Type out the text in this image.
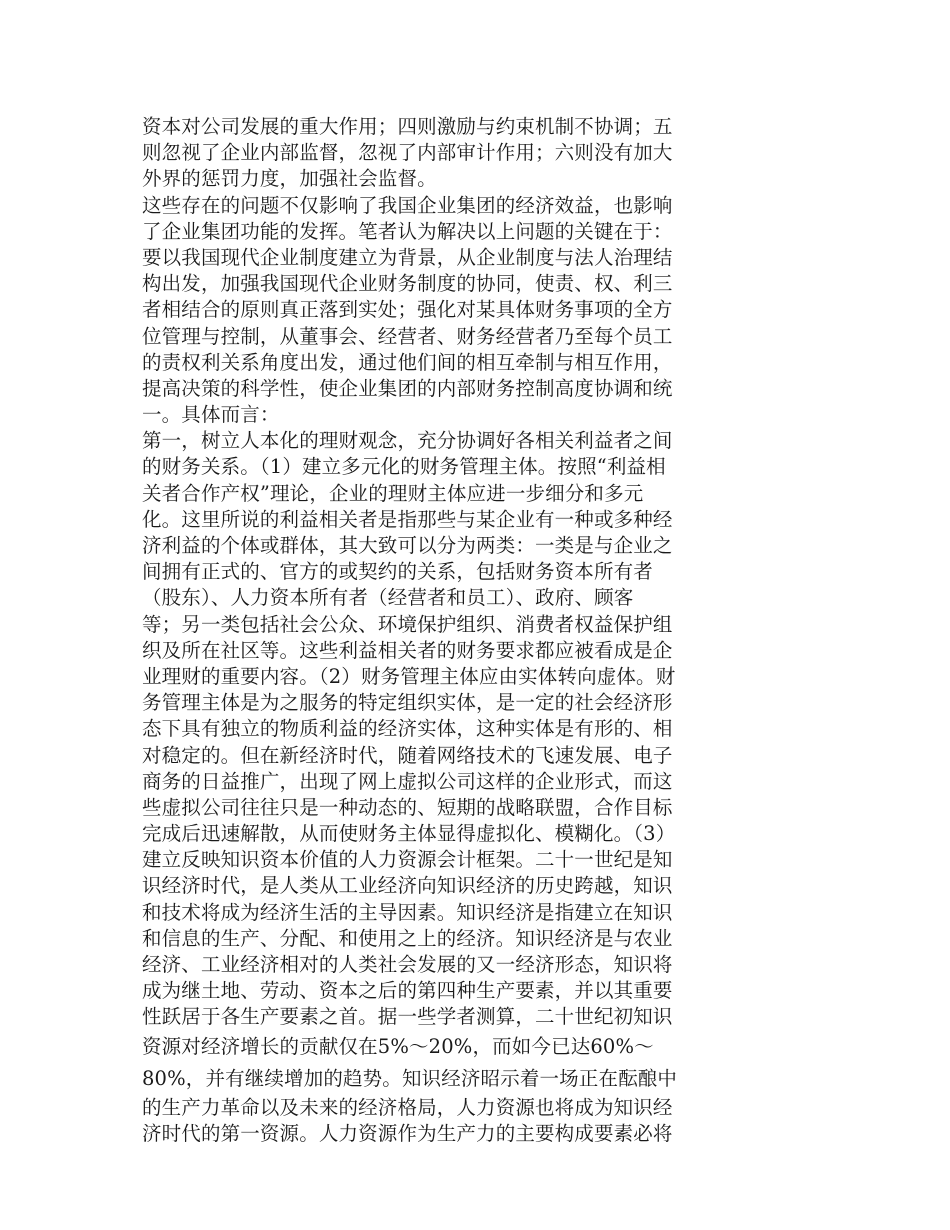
资本对公司发展的重大作用；四则激励与约束机制不协调；五
则忽视了企业内部监督，忽视了内部审计作用；六则没有加大
外界的惩罚力度，加强社会监督。
这些存在的问题不仅影响了我国企业集团的经济效益，也影响
了企业集团功能的发挥。笔者认为解决以上问题的关键在于：
要以我国现代企业制度建立为背景，从企业制度与法人治理结
构出发，加强我国现代企业财务制度的协同，使责、权、利三
者相结合的原则真正落到实处；强化对某具体财务事项的全方
位管理与控制，从董事会、经营者、财务经营者乃至每个员工
的责权利关系角度出发，通过他们间的相互牵制与相互作用，
提高决策的科学性，使企业集团的内部财务控制高度协调和统
一。具体而言：
第一，树立人本化的理财观念，充分协调好各相关利益者之间
的财务关系。（1）建立多元化的财务管理主体。按照“利益相
关者合作产权”理论，企业的理财主体应进一步细分和多元
化。这里所说的利益相关者是指那些与某企业有一种或多种经
济利益的个体或群体，其大致可以分为两类：一类是与企业之
间拥有正式的、官方的或契约的关系，包括财务资本所有者
（股东）、人力资本所有者（经营者和员工）、政府、顾客
等；另一类包括社会公众、环境保护组织、消费者权益保护组
织及所在社区等。这些利益相关者的财务要求都应被看成是企
业理财的重要内容。（2）财务管理主体应由实体转向虚体。财
务管理主体是为之服务的特定组织实体，是一定的社会经济形
态下具有独立的物质利益的经济实体，这种实体是有形的、相
对稳定的。但在新经济时代，随着网络技术的飞速发展、电子
商务的日益推广，出现了网上虚拟公司这样的企业形式，而这
些虚拟公司往往只是一种动态的、短期的战略联盟，合作目标
完成后迅速解散，从而使财务主体显得虚拟化、模糊化。（3）
建立反映知识资本价值的人力资源会计框架。二十一世纪是知
识经济时代，是人类从工业经济向知识经济的历史跨越，知识
和技术将成为经济生活的主导因素。知识经济是指建立在知识
和信息的生产、分配、和使用之上的经济。知识经济是与农业
经济、工业经济相对的人类社会发展的又一经济形态，知识将
成为继土地、劳动、资本之后的第四种生产要素，并以其重要
性跃居于各生产要素之首。据一些学者测算，二十世纪初知识
资源对经济增长的贡献仅在5%～20%，而如今已达60%～
80%，并有继续增加的趋势。知识经济昭示着一场正在酝酿中
的生产力革命以及未来的经济格局，人力资源也将成为知识经
济时代的第一资源。人力资源作为生产力的主要构成要素必将
